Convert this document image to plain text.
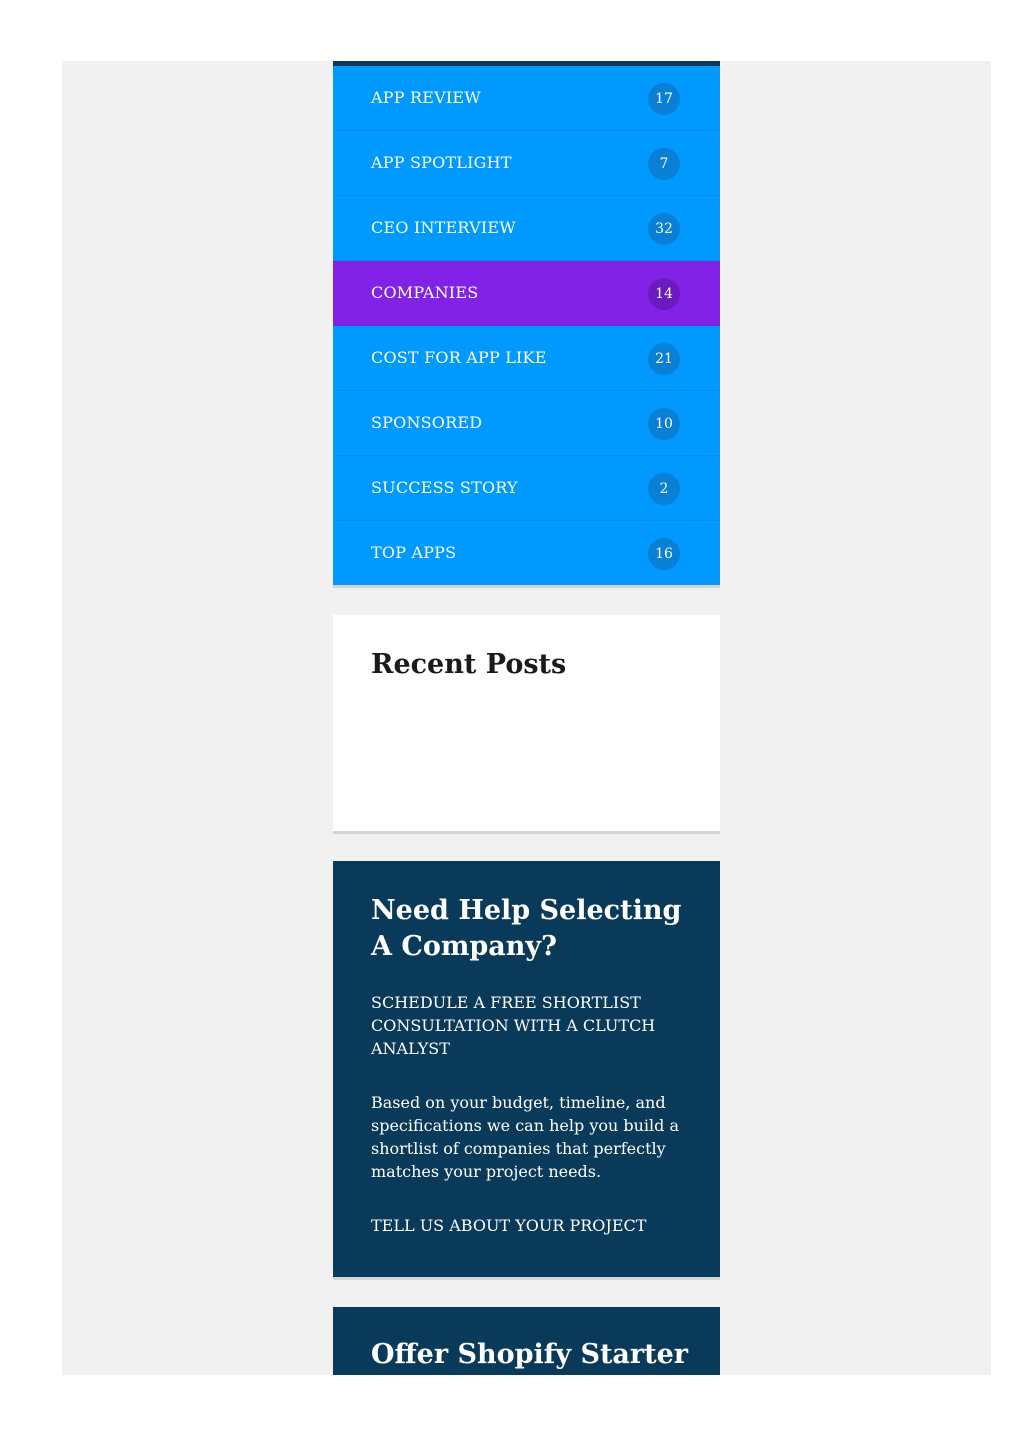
APP REVIEW	17
APP SPOTLIGHT	7
CEO INTERVIEW	32
COMPANIES	14
COST FOR APP LIKE	21
SPONSORED	10
SUCCESS STORY	2
TOP APPS	16
Recent Posts
Need Help Selecting A Company?
SCHEDULE A FREE SHORTLIST CONSULTATION WITH A CLUTCH ANALYST
Based on your budget, timeline, and specifications we can help you build a shortlist of companies that perfectly matches your project needs.
TELL US ABOUT YOUR PROJECT
Offer Shopify Starter
